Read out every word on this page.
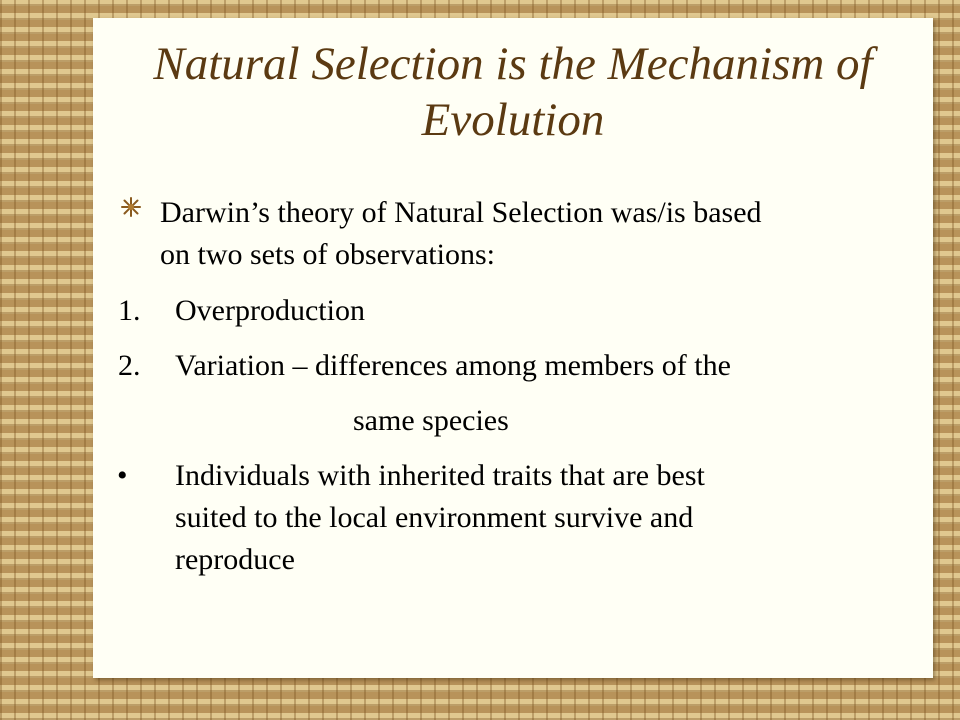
Natural Selection is the Mechanism of
Evolution
Darwin’s theory of Natural Selection was/is based
on two sets of observations:
1. Overproduction
2. Variation – differences among members of the
same species
• Individuals with inherited traits that are best
suited to the local environment survive and
reproduce
